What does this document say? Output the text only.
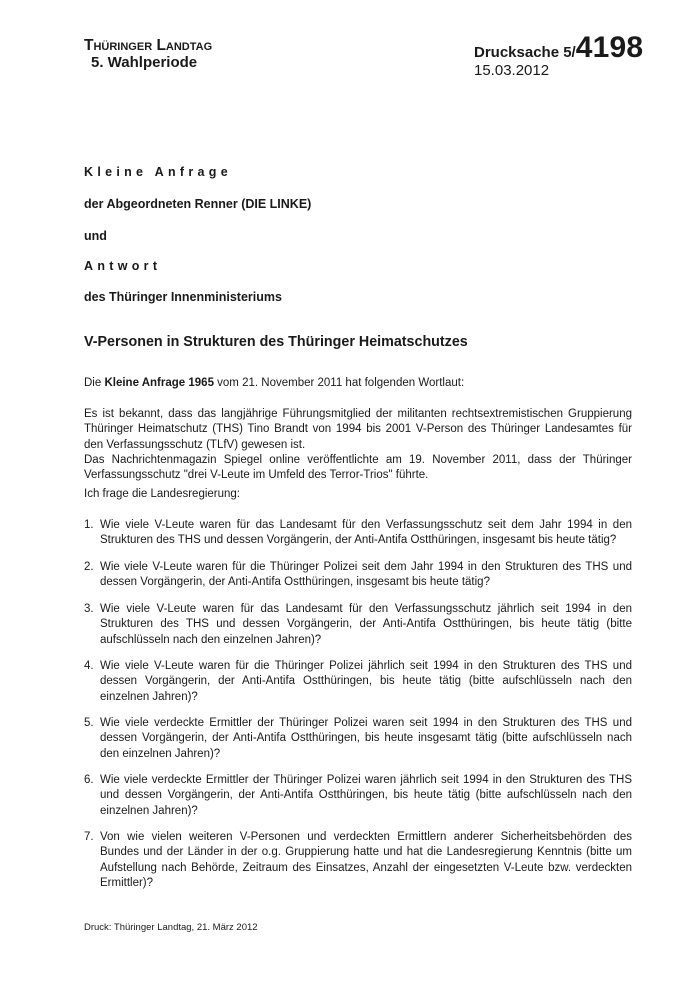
Thüringer Landtag
5. Wahlperiode
Drucksache 5/4198
15.03.2012
Kleine Anfrage
der Abgeordneten Renner (DIE LINKE)
und
Antwort
des Thüringer Innenministeriums
V-Personen in Strukturen des Thüringer Heimatschutzes
Die Kleine Anfrage 1965 vom 21. November 2011 hat folgenden Wortlaut:
Es ist bekannt, dass das langjährige Führungsmitglied der militanten rechtsextremistischen Gruppierung Thüringer Heimatschutz (THS) Tino Brandt von 1994 bis 2001 V-Person des Thüringer Landesamtes für den Verfassungsschutz (TLfV) gewesen ist.
Das Nachrichtenmagazin Spiegel online veröffentlichte am 19. November 2011, dass der Thüringer Verfassungsschutz "drei V-Leute im Umfeld des Terror-Trios" führte.
Ich frage die Landesregierung:
1. Wie viele V-Leute waren für das Landesamt für den Verfassungsschutz seit dem Jahr 1994 in den Strukturen des THS und dessen Vorgängerin, der Anti-Antifa Ostthüringen, insgesamt bis heute tätig?
2. Wie viele V-Leute waren für die Thüringer Polizei seit dem Jahr 1994 in den Strukturen des THS und dessen Vorgängerin, der Anti-Antifa Ostthüringen, insgesamt bis heute tätig?
3. Wie viele V-Leute waren für das Landesamt für den Verfassungsschutz jährlich seit 1994 in den Strukturen des THS und dessen Vorgängerin, der Anti-Antifa Ostthüringen, bis heute tätig (bitte aufschlüsseln nach den einzelnen Jahren)?
4. Wie viele V-Leute waren für die Thüringer Polizei jährlich seit 1994 in den Strukturen des THS und dessen Vorgängerin, der Anti-Antifa Ostthüringen, bis heute tätig (bitte aufschlüsseln nach den einzelnen Jahren)?
5. Wie viele verdeckte Ermittler der Thüringer Polizei waren seit 1994 in den Strukturen des THS und dessen Vorgängerin, der Anti-Antifa Ostthüringen, bis heute insgesamt tätig (bitte aufschlüsseln nach den einzelnen Jahren)?
6. Wie viele verdeckte Ermittler der Thüringer Polizei waren jährlich seit 1994 in den Strukturen des THS und dessen Vorgängerin, der Anti-Antifa Ostthüringen, bis heute tätig (bitte aufschlüsseln nach den einzelnen Jahren)?
7. Von wie vielen weiteren V-Personen und verdeckten Ermittlern anderer Sicherheitsbehörden des Bundes und der Länder in der o.g. Gruppierung hatte und hat die Landesregierung Kenntnis (bitte um Aufstellung nach Behörde, Zeitraum des Einsatzes, Anzahl der eingesetzten V-Leute bzw. verdeckten Ermittler)?
Druck: Thüringer Landtag, 21. März 2012
